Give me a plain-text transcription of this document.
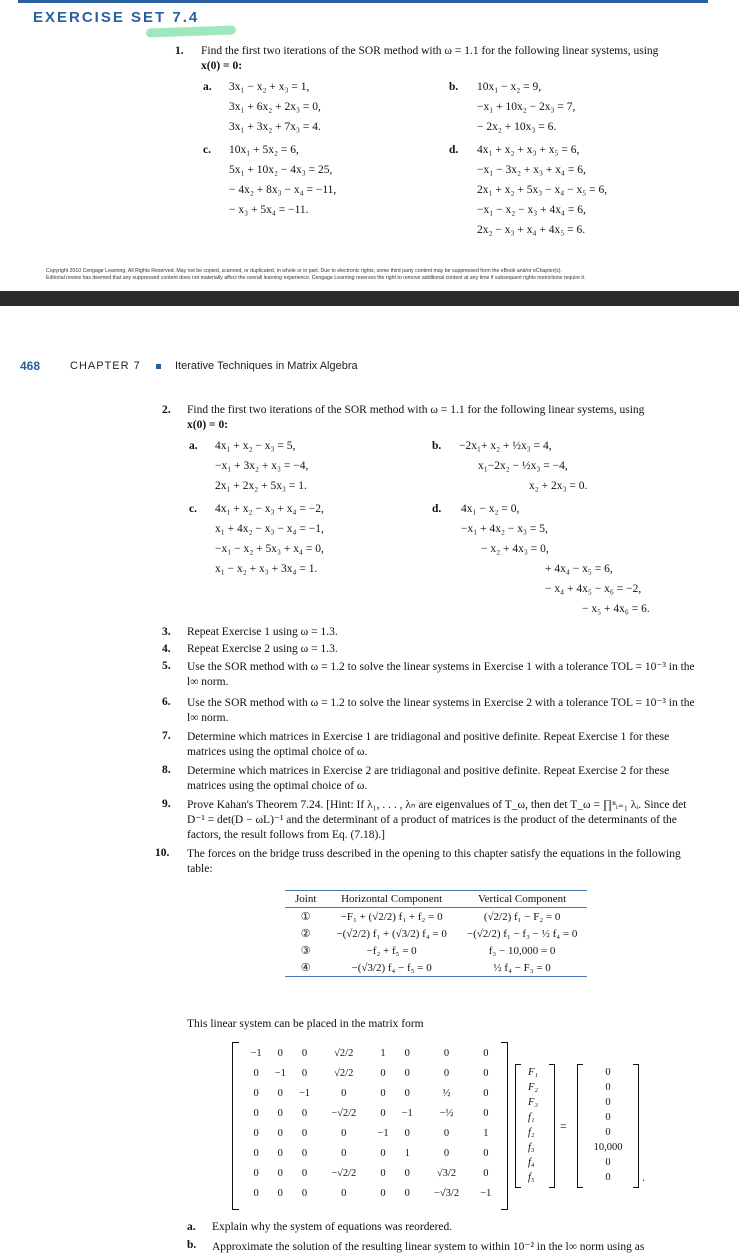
EXERCISE SET 7.4
1. Find the first two iterations of the SOR method with ω = 1.1 for the following linear systems, using
x(0) = 0:
a. 3x₁ − x₂ + x₃ = 1,
3x₁ + 6x₂ + 2x₃ = 0,
3x₁ + 3x₂ + 7x₃ = 4.
b. 10x₁ − x₂ = 9,
−x₁ + 10x₂ − 2x₃ = 7,
− 2x₂ + 10x₃ = 6.
c. 10x₁ + 5x₂ = 6,
5x₁ + 10x₂ − 4x₃ = 25,
− 4x₂ + 8x₃ − x₄ = −11,
− x₃ + 5x₄ = −11.
d. 4x₁ + x₂ + x₃ + x₅ = 6,
−x₁ − 3x₂ + x₃ + x₄ = 6,
2x₁ + x₂ + 5x₃ − x₄ − x₅ = 6,
−x₁ − x₂ − x₃ + 4x₄ = 6,
2x₂ − x₃ + x₄ + 4x₅ = 6.
Copyright 2010 Cengage Learning. All Rights Reserved. May not be copied, scanned, or duplicated, in whole or in part. Due to electronic rights, some third party content may be suppressed from the eBook and/or eChapter(s).
Editorial review has deemed that any suppressed content does not materially affect the overall learning experience. Cengage Learning reserves the right to remove additional content at any time if subsequent rights restrictions require it.
468	CHAPTER 7	Iterative Techniques in Matrix Algebra
2. Find the first two iterations of the SOR method with ω = 1.1 for the following linear systems, using
x(0) = 0:
a. 4x₁ + x₂ − x₃ = 5,
−x₁ + 3x₂ + x₃ = −4,
2x₁ + 2x₂ + 5x₃ = 1.
b. −2x₁+ x₂ + ½x₃ = 4,
x₁−2x₂ − ½x₃ = −4,
x₂ + 2x₃ = 0.
c. 4x₁ + x₂ − x₃ + x₄ = −2,
x₁ + 4x₂ − x₃ − x₄ = −1,
−x₁ − x₂ + 5x₃ + x₄ = 0,
x₁ − x₂ + x₃ + 3x₄ = 1.
d. 4x₁ − x₂ = 0,
−x₁ + 4x₂ − x₃ = 5,
− x₂ + 4x₃ = 0,
+ 4x₄ − x₅ = 6,
− x₄ + 4x₅ − x₆ = −2,
− x₅ + 4x₆ = 6.
3. Repeat Exercise 1 using ω = 1.3.
4. Repeat Exercise 2 using ω = 1.3.
5. Use the SOR method with ω = 1.2 to solve the linear systems in Exercise 1 with a tolerance TOL = 10⁻³ in the l∞ norm.
6. Use the SOR method with ω = 1.2 to solve the linear systems in Exercise 2 with a tolerance TOL = 10⁻³ in the l∞ norm.
7. Determine which matrices in Exercise 1 are tridiagonal and positive definite. Repeat Exercise 1 for these matrices using the optimal choice of ω.
8. Determine which matrices in Exercise 2 are tridiagonal and positive definite. Repeat Exercise 2 for these matrices using the optimal choice of ω.
9. Prove Kahan's Theorem 7.24. [Hint: If λ₁, . . . , λₙ are eigenvalues of T_ω, then det T_ω = ∏ⁿᵢ₌₁ λᵢ. Since det D⁻¹ = det(D − ωL)⁻¹ and the determinant of a product of matrices is the product of the determinants of the factors, the result follows from Eq. (7.18).]
10. The forces on the bridge truss described in the opening to this chapter satisfy the equations in the following table:
Joint	Horizontal Component	Vertical Component
①	−F₁ + (√2/2) f₁ + f₂ = 0	(√2/2) f₁ − F₂ = 0
②	−(√2/2) f₁ + (√3/2) f₄ = 0	−(√2/2) f₁ − f₃ − ½ f₄ = 0
③	−f₂ + f₅ = 0	f₃ − 10,000 = 0
④	−(√3/2) f₄ − f₅ = 0	½ f₄ − F₃ = 0
This linear system can be placed in the matrix form
−1	0	0	√2/2	1	0	0	0
0	−1	0	√2/2	0	0	0	0
0	0	−1	0	0	0	½	0
0	0	0	−√2/2	0	−1	−½	0
0	0	0	0	−1	0	0	1
0	0	0	0	0	1	0	0
0	0	0	−√2/2	0	0	√3/2	0
0	0	0	0	0	0	−√3/2	−1
F₁
F₂
F₃
f₁
f₂
f₃
f₄
f₅
=
0
0
0
0
0
10,000
0
0	.
a. Explain why the system of equations was reordered.
b. Approximate the solution of the resulting linear system to within 10⁻² in the l∞ norm using as
